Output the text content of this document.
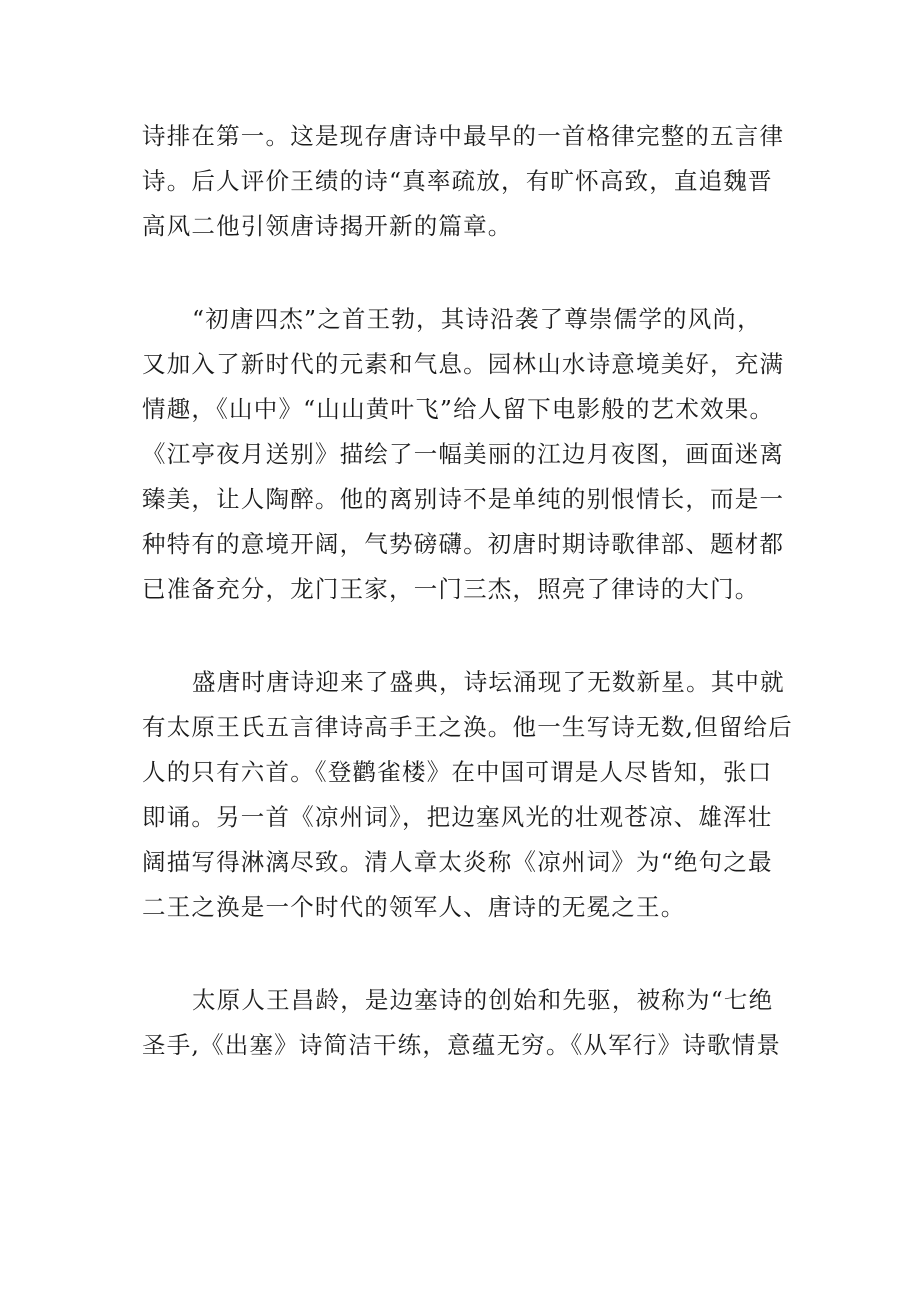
诗排在第一。这是现存唐诗中最早的一首格律完整的五言律
诗。后人评价王绩的诗“真率疏放，有旷怀高致，直追魏晋
高风二他引领唐诗揭开新的篇章。
“初唐四杰”之首王勃，其诗沿袭了尊崇儒学的风尚，
又加入了新时代的元素和气息。园林山水诗意境美好，充满
情趣，《山中》“山山黄叶飞”给人留下电影般的艺术效果。
《江亭夜月送别》描绘了一幅美丽的江边月夜图，画面迷离
臻美，让人陶醉。他的离别诗不是单纯的别恨情长，而是一
种特有的意境开阔，气势磅礴。初唐时期诗歌律部、题材都
已准备充分，龙门王家，一门三杰，照亮了律诗的大门。
盛唐时唐诗迎来了盛典，诗坛涌现了无数新星。其中就
有太原王氏五言律诗高手王之涣。他一生写诗无数,但留给后
人的只有六首。《登鹳雀楼》在中国可谓是人尽皆知，张口
即诵。另一首《凉州词》，把边塞风光的壮观苍凉、雄浑壮
阔描写得淋漓尽致。清人章太炎称《凉州词》为“绝句之最
二王之涣是一个时代的领军人、唐诗的无冕之王。
太原人王昌龄，是边塞诗的创始和先驱，被称为“七绝
圣手,《出塞》诗简洁干练，意蕴无穷。《从军行》诗歌情景
